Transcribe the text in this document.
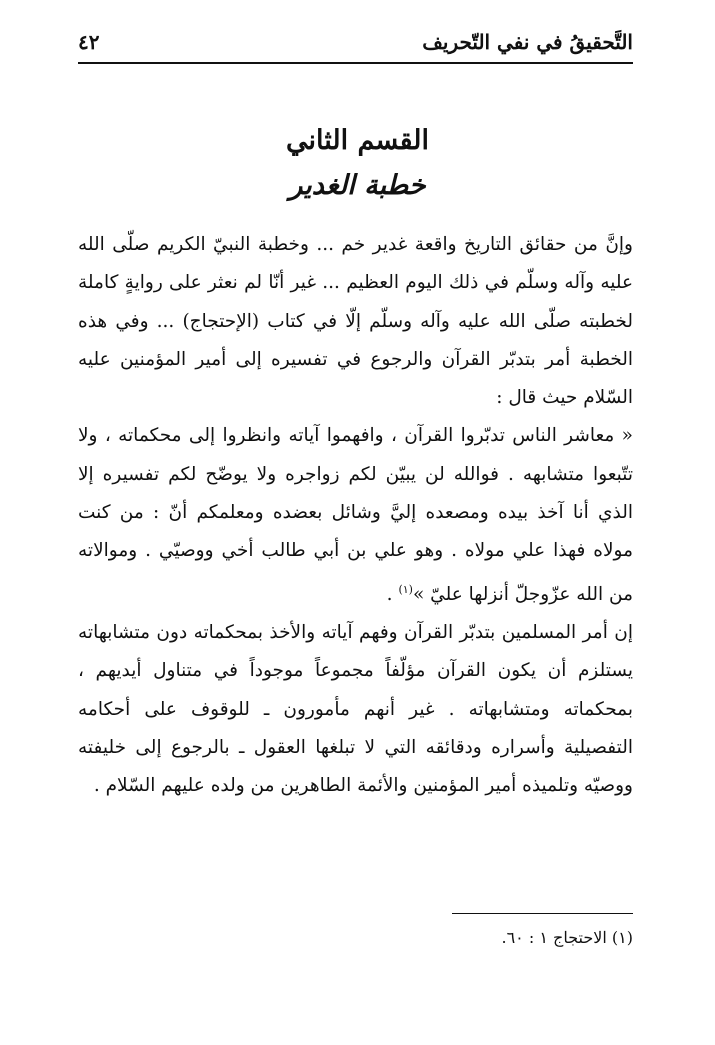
التَّحقيقُ في نفي التّحريف
٤٢
القسم الثاني
خطبة الغدير

وإنَّ من حقائق التاريخ واقعة غدير خم ... وخطبة النبيّ الكريم صلّى الله عليه وآله وسلّم في ذلك اليوم العظيم ... غير أنّا لم نعثر على روايةٍ كاملة لخطبته صلّى الله عليه وآله وسلّم إلّا في كتاب (الإحتجاج) ... وفي هذه الخطبة أمر بتدبّر القرآن والرجوع في تفسيره إلى أمير المؤمنين عليه السّلام حيث قال :

« معاشر الناس تدبّروا القرآن ، وافهموا آياته وانظروا إلى محكماته ، ولا تتّبعوا متشابهه . فوالله لن يبيّن لكم زواجره ولا يوضّح لكم تفسيره إلا الذي أنا آخذ بيده ومصعده إليَّ وشائل بعضده ومعلمكم أنّ : من كنت مولاه فهذا علي مولاه . وهو علي بن أبي طالب أخي ووصيّي . وموالاته من الله عزّوجلّ أنزلها عليّ »$^{(١)}$ .

إن أمر المسلمين بتدبّر القرآن وفهم آياته والأخذ بمحكماته دون متشابهاته يستلزم أن يكون القرآن مؤلّفاً مجموعاً موجوداً في متناول أيديهم ، بمحكماته ومتشابهاته . غير أنهم مأمورون ـ للوقوف على أحكامه التفصيلية وأسراره ودقائقه التي لا تبلغها العقول ـ بالرجوع إلى خليفته ووصيّه وتلميذه أمير المؤمنين والأئمة الطاهرين من ولده عليهم السّلام .

(١) الاحتجاج ١ : ٦٠.
